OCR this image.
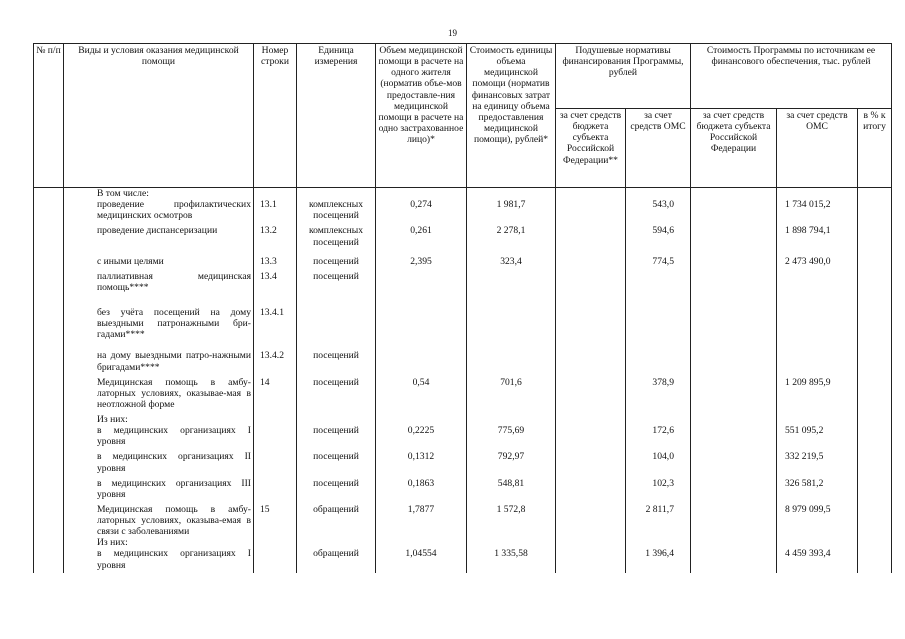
19
№ п/п	Виды и условия оказания медицинской помощи	Номер строки	Единица измерения	Объем медицинской помощи в расчете на одного жителя (норматив объе-мов предоставле-ния медицинской помощи в расчете на одно застрахованное лицо)*	Стоимость единицы объема медицинской помощи (норматив финансовых затрат на единицу объема предоставления медицинской помощи), рублей*	Подушевые нормативы финансирования Программы, рублей		Стоимость Программы по источникам ее финансового обеспечения, тыс. рублей		
						за счет средств бюджета субъекта Российской Федерации**	за счет средств ОМС	за счет средств бюджета субъекта Российской Федерации	за счет средств ОМС	в % к итогу
	В том числе:									
	проведение профилактических медицинских осмотров	13.1	комплексных посещений	0,274	1 981,7		543,0		1 734 015,2	
	проведение диспансеризации	13.2	комплексных посещений	0,261	2 278,1		594,6		1 898 794,1	
	с иными целями	13.3	посещений	2,395	323,4		774,5		2 473 490,0	
	паллиативная медицинская помощь****	13.4	посещений							
	без учёта посещений на дому выездными патронажными бри-гадами****	13.4.1								
	на дому выездными патро-нажными бригадами****	13.4.2	посещений							
	Медицинская помощь в амбу-латорных условиях, оказывае-мая в неотложной форме	14	посещений	0,54	701,6		378,9		1 209 895,9	
	Из них:									
	в медицинских организациях I уровня		посещений	0,2225	775,69		172,6		551 095,2	
	в медицинских организациях II уровня		посещений	0,1312	792,97		104,0		332 219,5	
	в медицинских организациях III уровня		посещений	0,1863	548,81		102,3		326 581,2	
	Медицинская помощь в амбу-латорных условиях, оказыва-емая в связи с заболеваниями	15	обращений	1,7877	1 572,8		2 811,7		8 979 099,5	
	Из них:									
	в медицинских организациях I уровня		обращений	1,04554	1 335,58		1 396,4		4 459 393,4	
